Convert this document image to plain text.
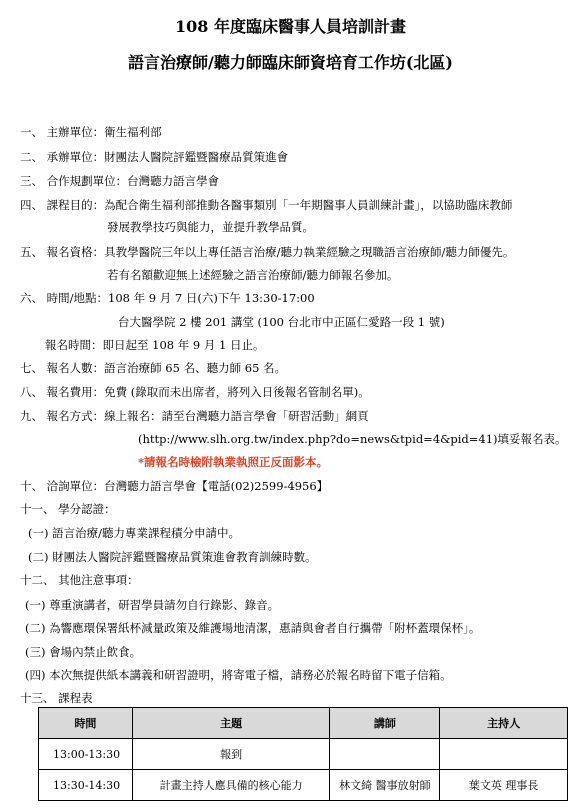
108 年度臨床醫事人員培訓計畫
語言治療師/聽力師臨床師資培育工作坊(北區)
一、 主辦單位：衛生福利部
二、 承辦單位：財團法人醫院評鑑暨醫療品質策進會
三、 合作規劃單位：台灣聽力語言學會
四、 課程目的：為配合衛生福利部推動各醫事類別「一年期醫事人員訓練計畫」，以協助臨床教師
發展教學技巧與能力，並提升教學品質。
五、 報名資格：具教學醫院三年以上專任語言治療/聽力執業經驗之現職語言治療師/聽力師優先。
若有名額歡迎無上述經驗之語言治療師/聽力師報名參加。
六、 時間/地點：108 年 9 月 7 日(六)下午 13:30-17:00
台大醫學院 2 樓 201 講堂 (100 台北市中正區仁愛路一段 1 號)
報名時間：即日起至 108 年 9 月 1 日止。
七、 報名人數：語言治療師 65 名、聽力師 65 名。
八、 報名費用：免費 (錄取而未出席者，將列入日後報名管制名單)。
九、 報名方式：線上報名：請至台灣聽力語言學會「研習活動」網頁
(http://www.slh.org.tw/index.php?do=news&tpid=4&pid=41)填妥報名表。
*請報名時檢附執業執照正反面影本。
十、 洽詢單位：台灣聽力語言學會【電話(02)2599-4956】
十一、 學分認證：
(一) 語言治療/聽力專業課程積分申請中。
(二) 財團法人醫院評鑑暨醫療品質策進會教育訓練時數。
十二、 其他注意事項：
(一) 尊重演講者，研習學員請勿自行錄影、錄音。
(二) 為響應環保署紙杯減量政策及維護場地清潔，惠請與會者自行攜帶「附杯蓋環保杯」。
(三) 會場內禁止飲食。
(四) 本次無提供紙本講義和研習證明，將寄電子檔，請務必於報名時留下電子信箱。
十三、 課程表
時間	主題	講師	主持人
13:00-13:30	報到		
13:30-14:30	計畫主持人應具備的核心能力	林文綺 醫事放射師	葉文英 理事長
